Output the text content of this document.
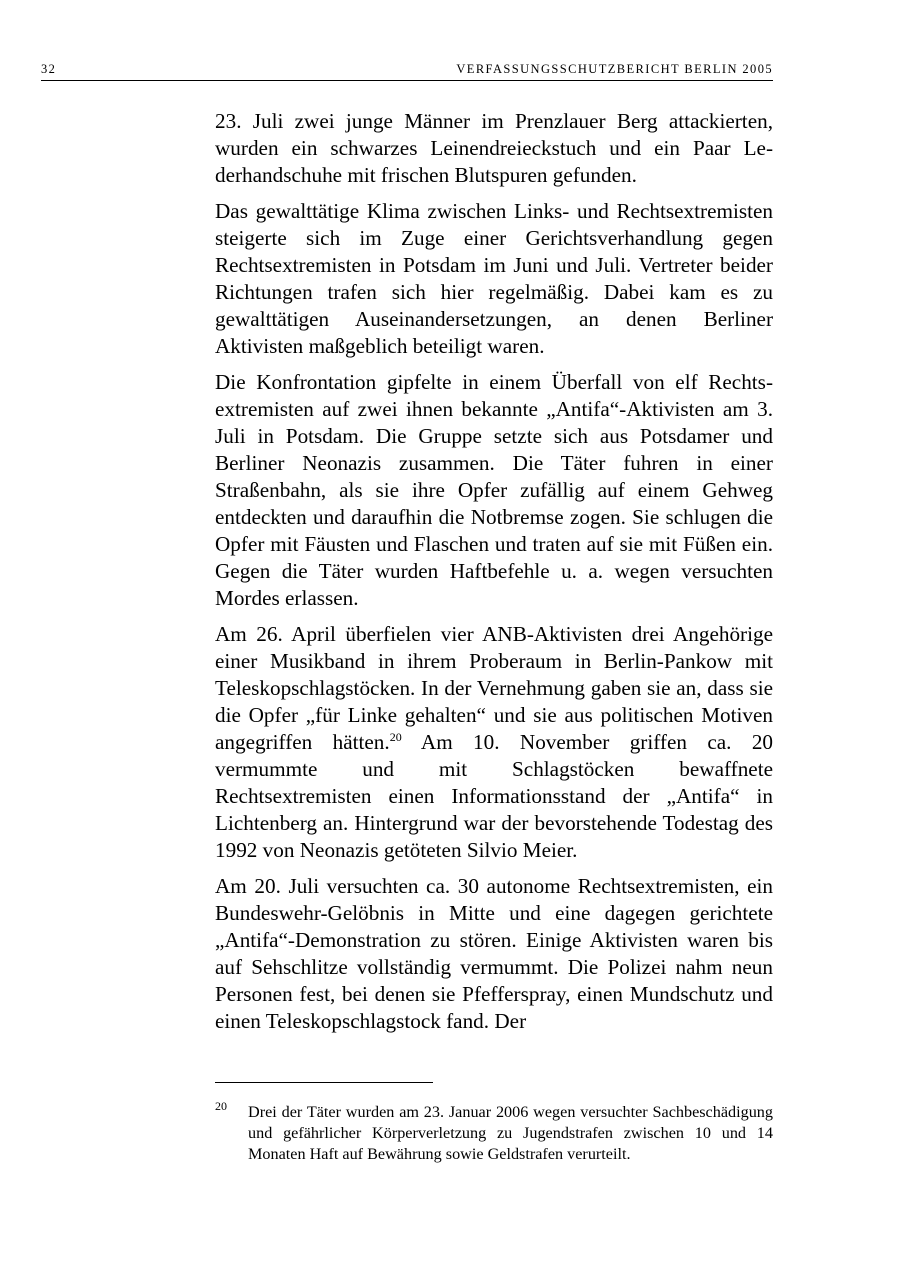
32	VERFASSUNGSSCHUTZBERICHT BERLIN 2005

23. Juli zwei junge Männer im Prenzlauer Berg attackierten, wurden ein schwarzes Leinendreieckstuch und ein Paar Lederhandschuhe mit frischen Blutspuren gefunden.

Das gewalttätige Klima zwischen Links- und Rechtsextremisten steigerte sich im Zuge einer Gerichtsverhandlung gegen Rechtsextremisten in Potsdam im Juni und Juli. Vertreter beider Richtungen trafen sich hier regelmäßig. Dabei kam es zu gewalttätigen Auseinandersetzungen, an denen Berliner Aktivisten maßgeblich beteiligt waren.

Die Konfrontation gipfelte in einem Überfall von elf Rechtsextremisten auf zwei ihnen bekannte „Antifa“-Aktivisten am 3. Juli in Potsdam. Die Gruppe setzte sich aus Potsdamer und Berliner Neonazis zusammen. Die Täter fuhren in einer Straßenbahn, als sie ihre Opfer zufällig auf einem Gehweg entdeckten und daraufhin die Notbremse zogen. Sie schlugen die Opfer mit Fäusten und Flaschen und traten auf sie mit Füßen ein. Gegen die Täter wurden Haftbefehle u. a. wegen versuchten Mordes erlassen.

Am 26. April überfielen vier ANB-Aktivisten drei Angehörige einer Musikband in ihrem Proberaum in Berlin-Pankow mit Teleskopschlagstöcken. In der Vernehmung gaben sie an, dass sie die Opfer „für Linke gehalten“ und sie aus politischen Motiven angegriffen hätten.$^{20}$ Am 10. November griffen ca. 20 vermummte und mit Schlagstöcken bewaffnete Rechtsextremisten einen Informationsstand der „Antifa“ in Lichtenberg an. Hintergrund war der bevorstehende Todestag des 1992 von Neonazis getöteten Silvio Meier.

Am 20. Juli versuchten ca. 30 autonome Rechtsextremisten, ein Bundeswehr-Gelöbnis in Mitte und eine dagegen gerichtete „Antifa“-Demonstration zu stören. Einige Aktivisten waren bis auf Sehschlitze vollständig vermummt. Die Polizei nahm neun Personen fest, bei denen sie Pfefferspray, einen Mundschutz und einen Teleskopschlagstock fand. Der

20 Drei der Täter wurden am 23. Januar 2006 wegen versuchter Sachbeschädigung und gefährlicher Körperverletzung zu Jugendstrafen zwischen 10 und 14 Monaten Haft auf Bewährung sowie Geldstrafen verurteilt.
